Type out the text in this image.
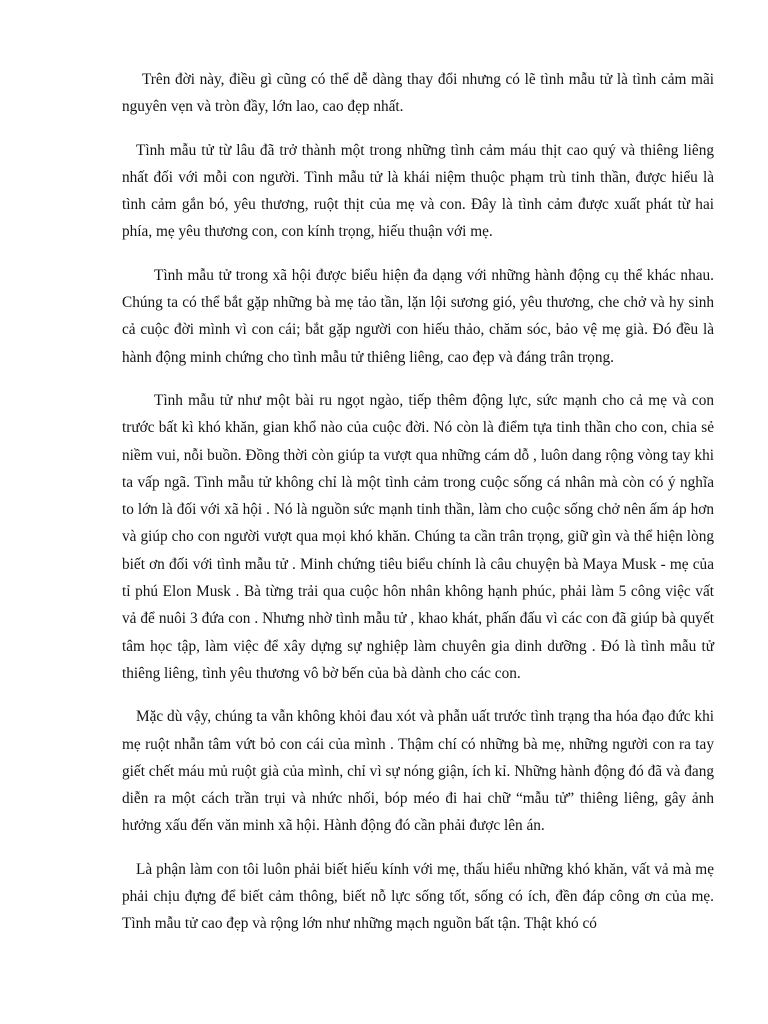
Trên đời này, điều gì cũng có thể dễ dàng thay đổi nhưng có lẽ tình mẫu tử là tình cảm mãi nguyên vẹn và tròn đầy, lớn lao, cao đẹp nhất.

Tình mẫu tử từ lâu đã trở thành một trong những tình cảm máu thịt cao quý và thiêng liêng nhất đối với mỗi con người. Tình mẫu tử là khái niệm thuộc phạm trù tinh thần, được hiểu là tình cảm gắn bó, yêu thương, ruột thịt của mẹ và con. Đây là tình cảm được xuất phát từ hai phía, mẹ yêu thương con, con kính trọng, hiếu thuận với mẹ.

Tình mẫu tử trong xã hội được biểu hiện đa dạng với những hành động cụ thể khác nhau. Chúng ta có thể bắt gặp những bà mẹ tảo tần, lặn lội sương gió, yêu thương, che chở và hy sinh cả cuộc đời mình vì con cái; bắt gặp người con hiếu thảo, chăm sóc, bảo vệ mẹ già. Đó đều là hành động minh chứng cho tình mẫu tử thiêng liêng, cao đẹp và đáng trân trọng.

Tình mẫu tử như một bài ru ngọt ngào, tiếp thêm động lực, sức mạnh cho cả mẹ và con trước bất kì khó khăn, gian khổ nào của cuộc đời. Nó còn là điểm tựa tinh thần cho con, chia sẻ niềm vui, nỗi buồn. Đồng thời còn giúp ta vượt qua những cám dỗ , luôn dang rộng vòng tay khi ta vấp ngã. Tình mẫu tử không chỉ là một tình cảm trong cuộc sống cá nhân mà còn có ý nghĩa to lớn là đối với xã hội . Nó là nguồn sức mạnh tinh thần, làm cho cuộc sống chở nên ấm áp hơn và giúp cho con người vượt qua mọi khó khăn. Chúng ta cần trân trọng, giữ gìn và thể hiện lòng biết ơn đối với tình mẫu tử . Minh chứng tiêu biểu chính là câu chuyện bà Maya Musk - mẹ của tỉ phú Elon Musk . Bà từng trải qua cuộc hôn nhân không hạnh phúc, phải làm 5 công việc vất vả để nuôi 3 đứa con . Nhưng nhờ tình mẫu tử , khao khát, phấn đấu vì các con đã giúp bà quyết tâm học tập, làm việc để xây dựng sự nghiệp làm chuyên gia dinh dưỡng . Đó là tình mẫu tử thiêng liêng, tình yêu thương vô bờ bến của bà dành cho các con.

Mặc dù vậy, chúng ta vẫn không khỏi đau xót và phẫn uất trước tình trạng tha hóa đạo đức khi mẹ ruột nhẫn tâm vứt bỏ con cái của mình . Thậm chí có những bà mẹ, những người con ra tay giết chết máu mủ ruột già của mình, chỉ vì sự nóng giận, ích kỉ. Những hành động đó đã và đang diễn ra một cách trần trụi và nhức nhối, bóp méo đi hai chữ “mẫu tử” thiêng liêng, gây ảnh hưởng xấu đến văn minh xã hội. Hành động đó cần phải được lên án.

Là phận làm con tôi luôn phải biết hiếu kính với mẹ, thấu hiểu những khó khăn, vất vả mà mẹ phải chịu đựng để biết cảm thông, biết nỗ lực sống tốt, sống có ích, đền đáp công ơn của mẹ. Tình mẫu tử cao đẹp và rộng lớn như những mạch nguồn bất tận. Thật khó có
